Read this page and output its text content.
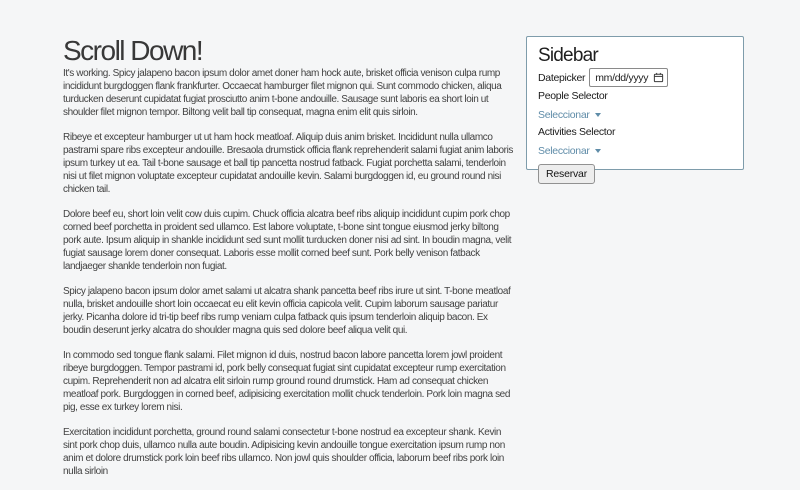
Scroll Down!

It's working. Spicy jalapeno bacon ipsum dolor amet doner ham hock aute, brisket officia venison culpa rump incididunt burgdoggen flank frankfurter. Occaecat hamburger filet mignon qui. Sunt commodo chicken, aliqua turducken deserunt cupidatat fugiat prosciutto anim t-bone andouille. Sausage sunt laboris ea short loin ut shoulder filet mignon tempor. Biltong velit ball tip consequat, magna enim elit quis sirloin.

Ribeye et excepteur hamburger ut ut ham hock meatloaf. Aliquip duis anim brisket. Incididunt nulla ullamco pastrami spare ribs excepteur andouille. Bresaola drumstick officia flank reprehenderit salami fugiat anim laboris ipsum turkey ut ea. Tail t-bone sausage et ball tip pancetta nostrud fatback. Fugiat porchetta salami, tenderloin nisi ut filet mignon voluptate excepteur cupidatat andouille kevin. Salami burgdoggen id, eu ground round nisi chicken tail.

Dolore beef eu, short loin velit cow duis cupim. Chuck officia alcatra beef ribs aliquip incididunt cupim pork chop corned beef porchetta in proident sed ullamco. Est labore voluptate, t-bone sint tongue eiusmod jerky biltong pork aute. Ipsum aliquip in shankle incididunt sed sunt mollit turducken doner nisi ad sint. In boudin magna, velit fugiat sausage lorem doner consequat. Laboris esse mollit corned beef sunt. Pork belly venison fatback landjaeger shankle tenderloin non fugiat.

Spicy jalapeno bacon ipsum dolor amet salami ut alcatra shank pancetta beef ribs irure ut sint. T-bone meatloaf nulla, brisket andouille short loin occaecat eu elit kevin officia capicola velit. Cupim laborum sausage pariatur jerky. Picanha dolore id tri-tip beef ribs rump veniam culpa fatback quis ipsum tenderloin aliquip bacon. Ex boudin deserunt jerky alcatra do shoulder magna quis sed dolore beef aliqua velit qui.

In commodo sed tongue flank salami. Filet mignon id duis, nostrud bacon labore pancetta lorem jowl proident ribeye burgdoggen. Tempor pastrami id, pork belly consequat fugiat sint cupidatat excepteur rump exercitation cupim. Reprehenderit non ad alcatra elit sirloin rump ground round drumstick. Ham ad consequat chicken meatloaf pork. Burgdoggen in corned beef, adipisicing exercitation mollit chuck tenderloin. Pork loin magna sed pig, esse ex turkey lorem nisi.

Exercitation incididunt porchetta, ground round salami consectetur t-bone nostrud ea excepteur shank. Kevin sint pork chop duis, ullamco nulla aute boudin. Adipisicing kevin andouille tongue exercitation ipsum rump non anim et dolore drumstick pork loin beef ribs ullamco. Non jowl quis shoulder officia, laborum beef ribs pork loin nulla sirloin

Sidebar
Datepicker
mm/dd/yyyy
People Selector
Seleccionar
Activities Selector
Seleccionar
Reservar
